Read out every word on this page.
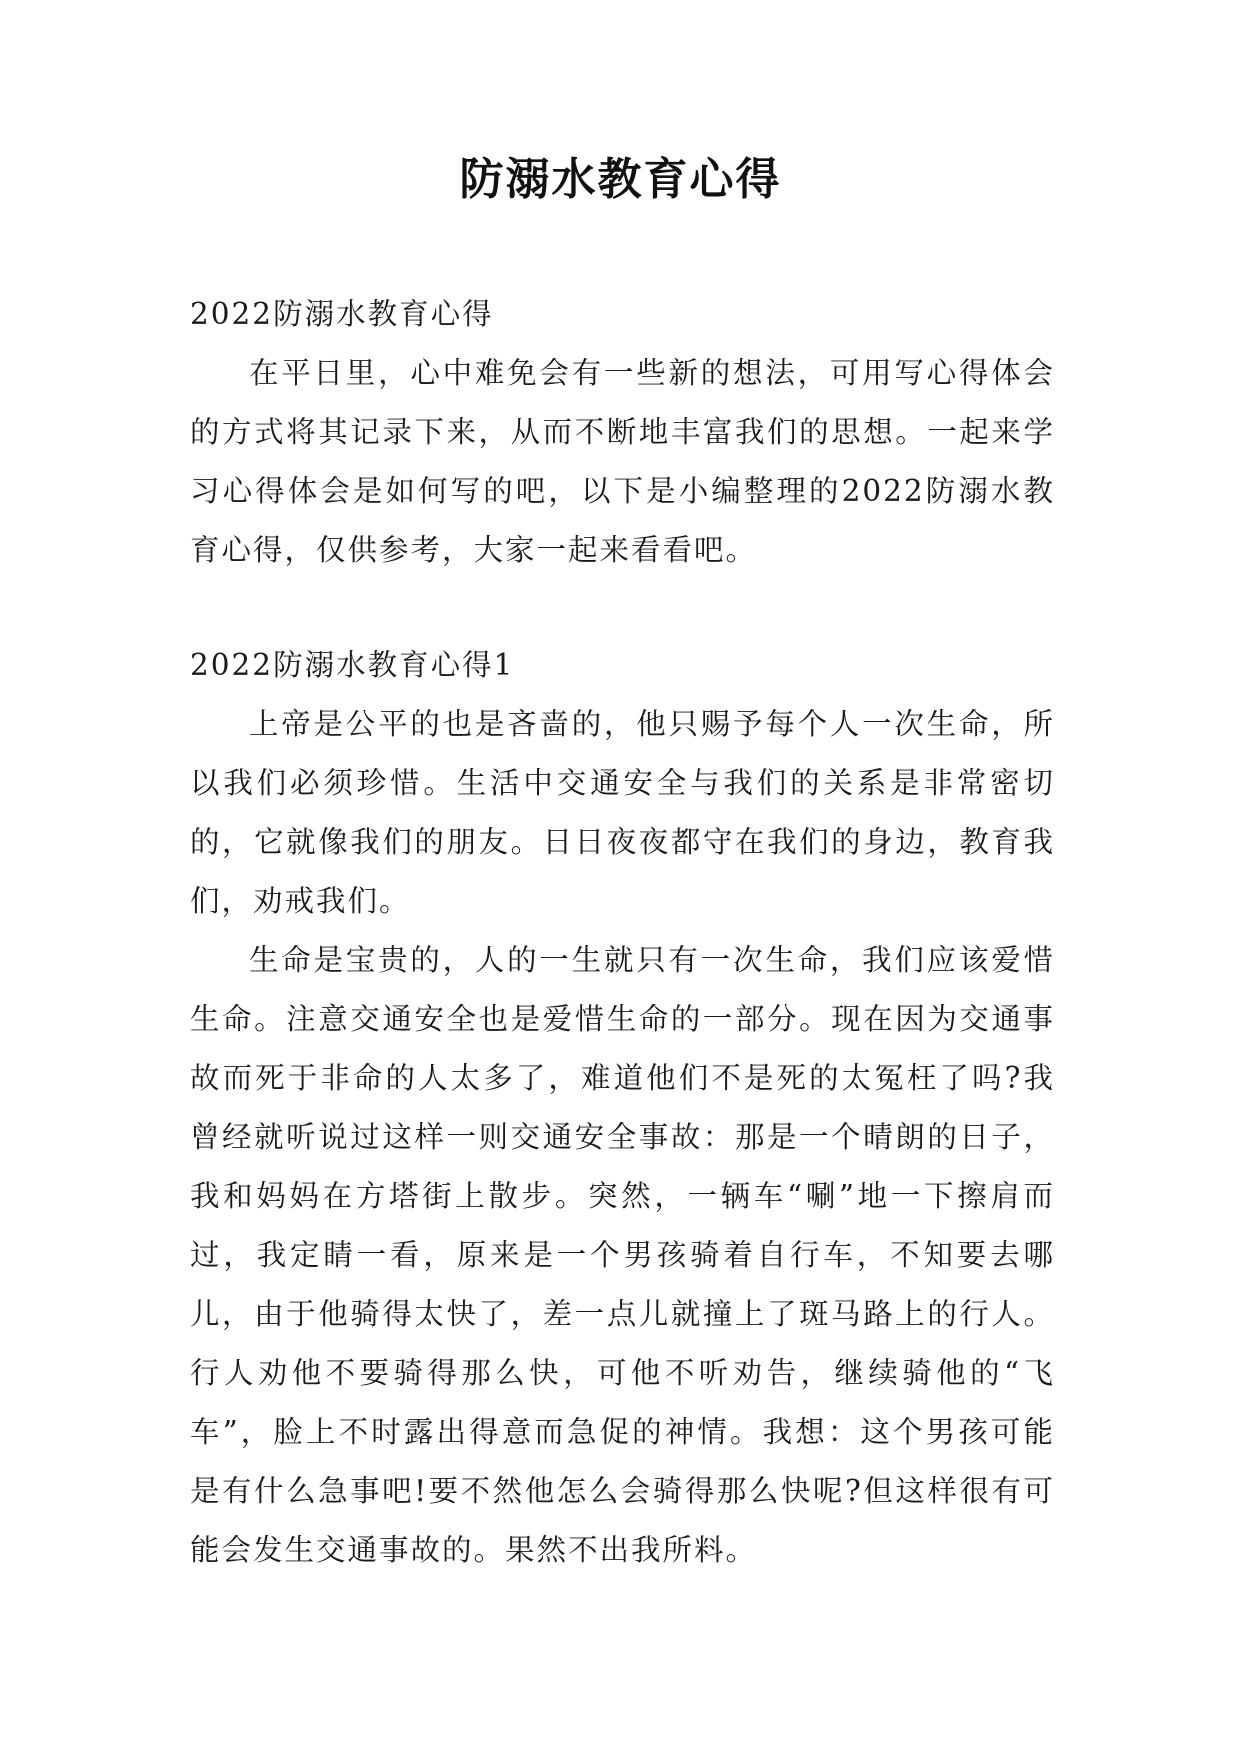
防溺水教育心得

2022防溺水教育心得

在平日里，心中难免会有一些新的想法，可用写心得体会的方式将其记录下来，从而不断地丰富我们的思想。一起来学习心得体会是如何写的吧，以下是小编整理的2022防溺水教育心得，仅供参考，大家一起来看看吧。

2022防溺水教育心得1

上帝是公平的也是吝啬的，他只赐予每个人一次生命，所以我们必须珍惜。生活中交通安全与我们的关系是非常密切的，它就像我们的朋友。日日夜夜都守在我们的身边，教育我们，劝戒我们。

生命是宝贵的，人的一生就只有一次生命，我们应该爱惜生命。注意交通安全也是爱惜生命的一部分。现在因为交通事故而死于非命的人太多了，难道他们不是死的太冤枉了吗?我曾经就听说过这样一则交通安全事故：那是一个晴朗的日子，我和妈妈在方塔街上散步。突然，一辆车“唰”地一下擦肩而过，我定睛一看，原来是一个男孩骑着自行车，不知要去哪儿，由于他骑得太快了，差一点儿就撞上了斑马路上的行人。行人劝他不要骑得那么快，可他不听劝告，继续骑他的“飞车”，脸上不时露出得意而急促的神情。我想：这个男孩可能是有什么急事吧!要不然他怎么会骑得那么快呢?但这样很有可能会发生交通事故的。果然不出我所料。
